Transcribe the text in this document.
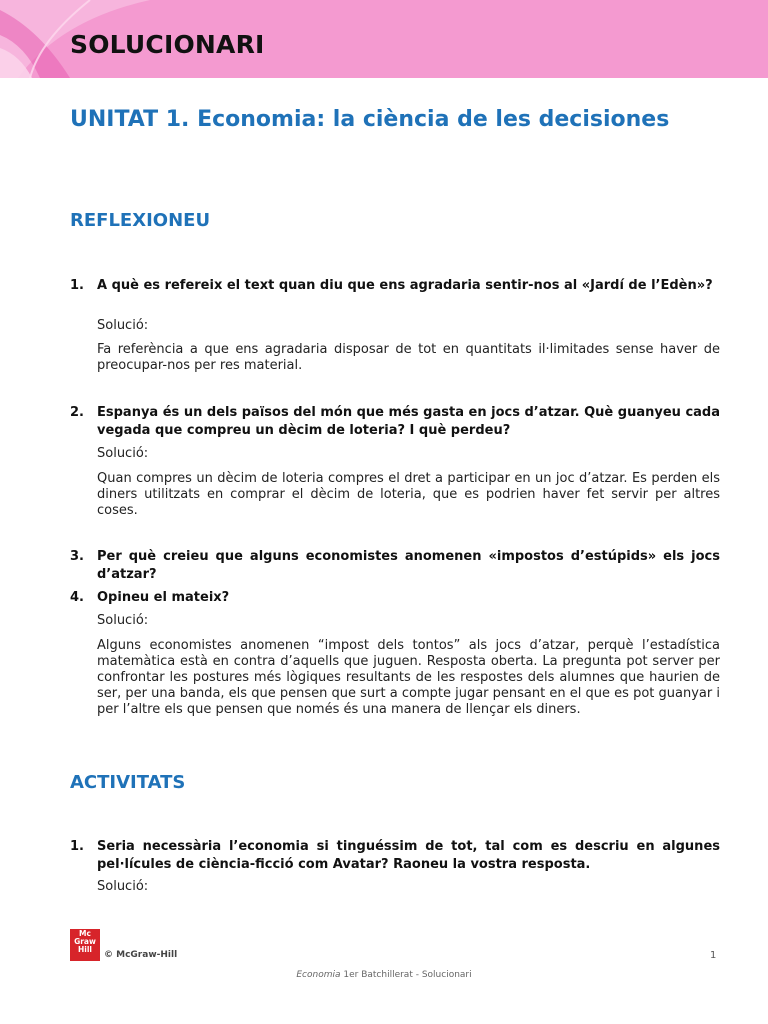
SOLUCIONARI
UNITAT 1. Economia: la ciència de les decisiones
REFLEXIONEU
1. A què es refereix el text quan diu que ens agradaria sentir-nos al «Jardí de l’Edèn»?
Solució:
Fa referència a que ens agradaria disposar de tot en quantitats il·limitades sense haver de preocupar-nos per res material.
2. Espanya és un dels països del món que més gasta en jocs d’atzar. Què guanyeu cada vegada que compreu un dècim de loteria? I què perdeu?
Solució:
Quan compres un dècim de loteria compres el dret a participar en un joc d’atzar. Es perden els diners utilitzats en comprar el dècim de loteria, que es podrien haver fet servir per altres coses.
3. Per què creieu que alguns economistes anomenen «impostos d’estúpids» els jocs d’atzar?
4. Opineu el mateix?
Solució:
Alguns economistes anomenen “impost dels tontos” als jocs d’atzar, perquè l’estadística matemàtica està en contra d’aquells que juguen. Resposta oberta. La pregunta pot server per confrontar les postures més lògiques resultants de les respostes dels alumnes que haurien de ser, per una banda, els que pensen que surt a compte jugar pensant en el que es pot guanyar i per l’altre els que pensen que només és una manera de llençar els diners.
ACTIVITATS
1. Seria necessària l’economia si tinguéssim de tot, tal com es descriu en algunes pel·lícules de ciència-ficció com Avatar? Raoneu la vostra resposta.
Solució:
Mc
Graw
Hill
© McGraw-Hill	1
Economia 1er Batchillerat - Solucionari
